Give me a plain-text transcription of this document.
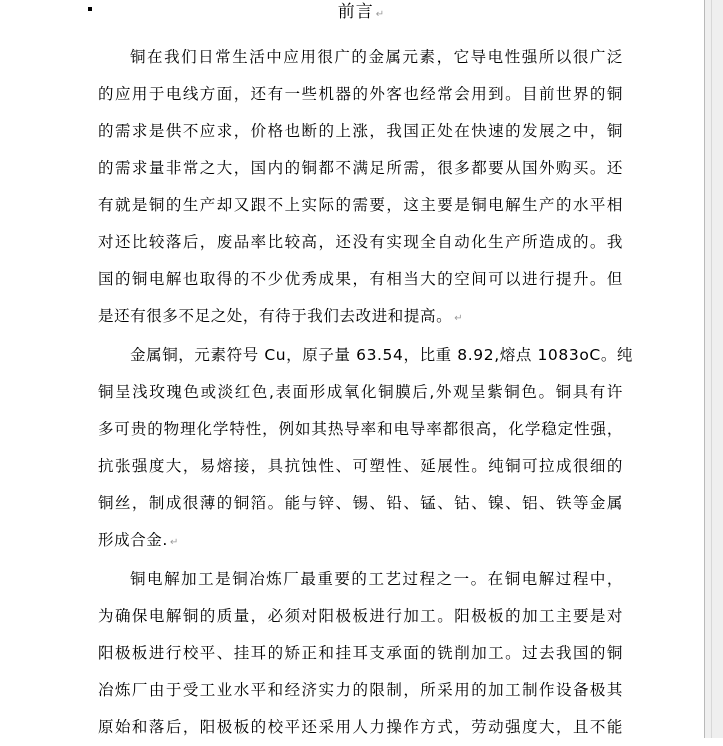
前言 ↵

铜在我们日常生活中应用很广的金属元素，它导电性强所以很广泛
的应用于电线方面，还有一些机器的外客也经常会用到。目前世界的铜
的需求是供不应求，价格也断的上涨，我国正处在快速的发展之中，铜
的需求量非常之大，国内的铜都不满足所需，很多都要从国外购买。还
有就是铜的生产却又跟不上实际的需要，这主要是铜电解生产的水平相
对还比较落后，废品率比较高，还没有实现全自动化生产所造成的。我
国的铜电解也取得的不少优秀成果，有相当大的空间可以进行提升。但
是还有很多不足之处，有待于我们去改进和提高。 ↵

金属铜，元素符号 Cu，原子量 63.54，比重 8.92,熔点 1083oC。纯
铜呈浅玫瑰色或淡红色,表面形成氧化铜膜后,外观呈紫铜色。铜具有许
多可贵的物理化学特性，例如其热导率和电导率都很高，化学稳定性强，
抗张强度大，易熔接，具抗蚀性、可塑性、延展性。纯铜可拉成很细的
铜丝，制成很薄的铜箔。能与锌、锡、铅、锰、钴、镍、铝、铁等金属
形成合金. ↵

铜电解加工是铜冶炼厂最重要的工艺过程之一。在铜电解过程中，
为确保电解铜的质量，必须对阳极板进行加工。阳极板的加工主要是对
阳极板进行校平、挂耳的矫正和挂耳支承面的铣削加工。过去我国的铜
冶炼厂由于受工业水平和经济实力的限制，所采用的加工制作设备极其
原始和落后，阳极板的校平还采用人力操作方式，劳动强度大，且不能
